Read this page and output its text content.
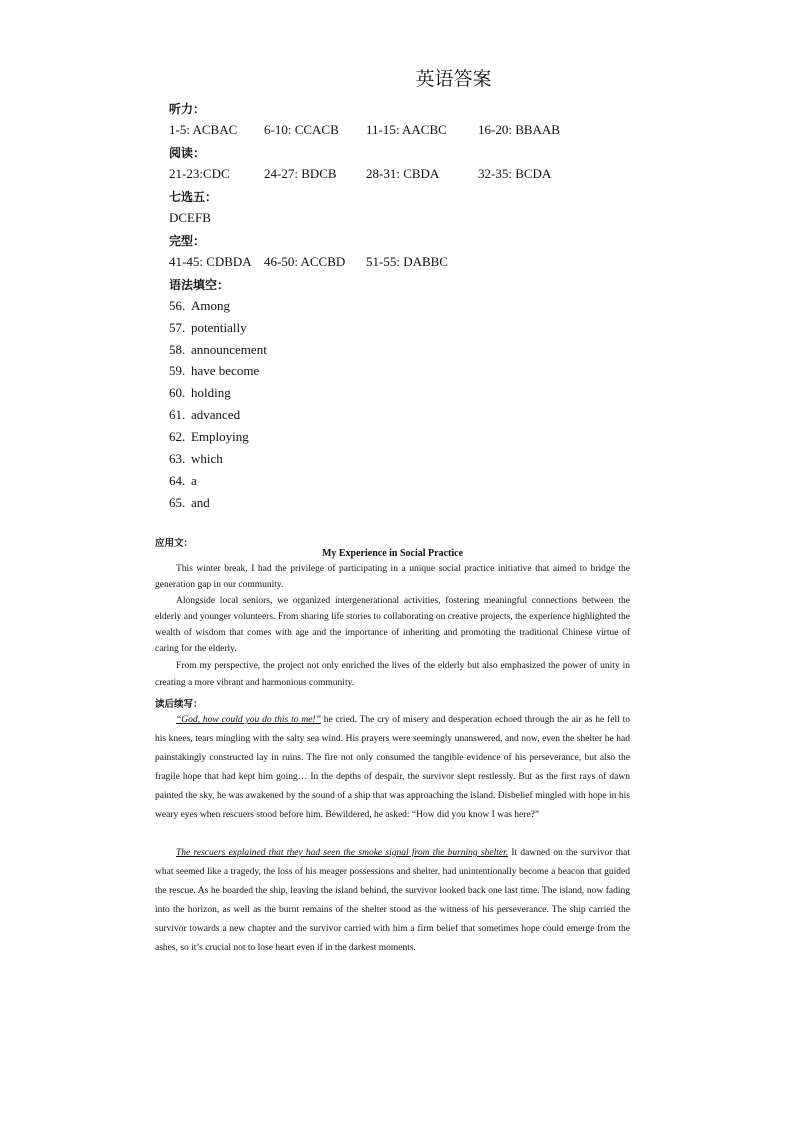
英语答案
听力：
1-5: ACBAC 6-10: CCACB 11-15: AACBC 16-20: BBAAB
阅读：
21-23:CDC	24-27: BDCB 28-31: CBDA	32-35: BCDA
七选五：
DCEFB
完型：
41-45: CDBDA 46-50: ACCBD 51-55: DABBC
语法填空：
56. Among
57. potentially
58. announcement
59. have become
60. holding
61. advanced
62. Employing
63. which
64. a
65. and
应用文：
My Experience in Social Practice
This winter break, I had the privilege of participating in a unique social practice initiative that aimed to bridge the generation gap in our community.
Alongside local seniors, we organized intergenerational activities, fostering meaningful connections between the elderly and younger volunteers. From sharing life stories to collaborating on creative projects, the experience highlighted the wealth of wisdom that comes with age and the importance of inheriting and promoting the traditional Chinese virtue of caring for the elderly.
From my perspective, the project not only enriched the lives of the elderly but also emphasized the power of unity in creating a more vibrant and harmonious community.
读后续写：
“God, how could you do this to me!” he cried. The cry of misery and desperation echoed through the air as he fell to his knees, tears mingling with the salty sea wind. His prayers were seemingly unanswered, and now, even the shelter he had painstakingly constructed lay in ruins. The fire not only consumed the tangible evidence of his perseverance, but also the fragile hope that had kept him going… In the depths of despair, the survivor slept restlessly. But as the first rays of dawn painted the sky, he was awakened by the sound of a ship that was approaching the island. Disbelief mingled with hope in his weary eyes when rescuers stood before him. Bewildered, he asked: “How did you know I was here?”
The rescuers explained that they had seen the smoke signal from the burning shelter. It dawned on the survivor that what seemed like a tragedy, the loss of his meager possessions and shelter, had unintentionally become a beacon that guided the rescue. As he boarded the ship, leaving the island behind, the survivor looked back one last time. The island, now fading into the horizon, as well as the burnt remains of the shelter stood as the witness of his perseverance. The ship carried the survivor towards a new chapter and the survivor carried with him a firm belief that sometimes hope could emerge from the ashes, so it’s crucial not to lose heart even if in the darkest moments.
